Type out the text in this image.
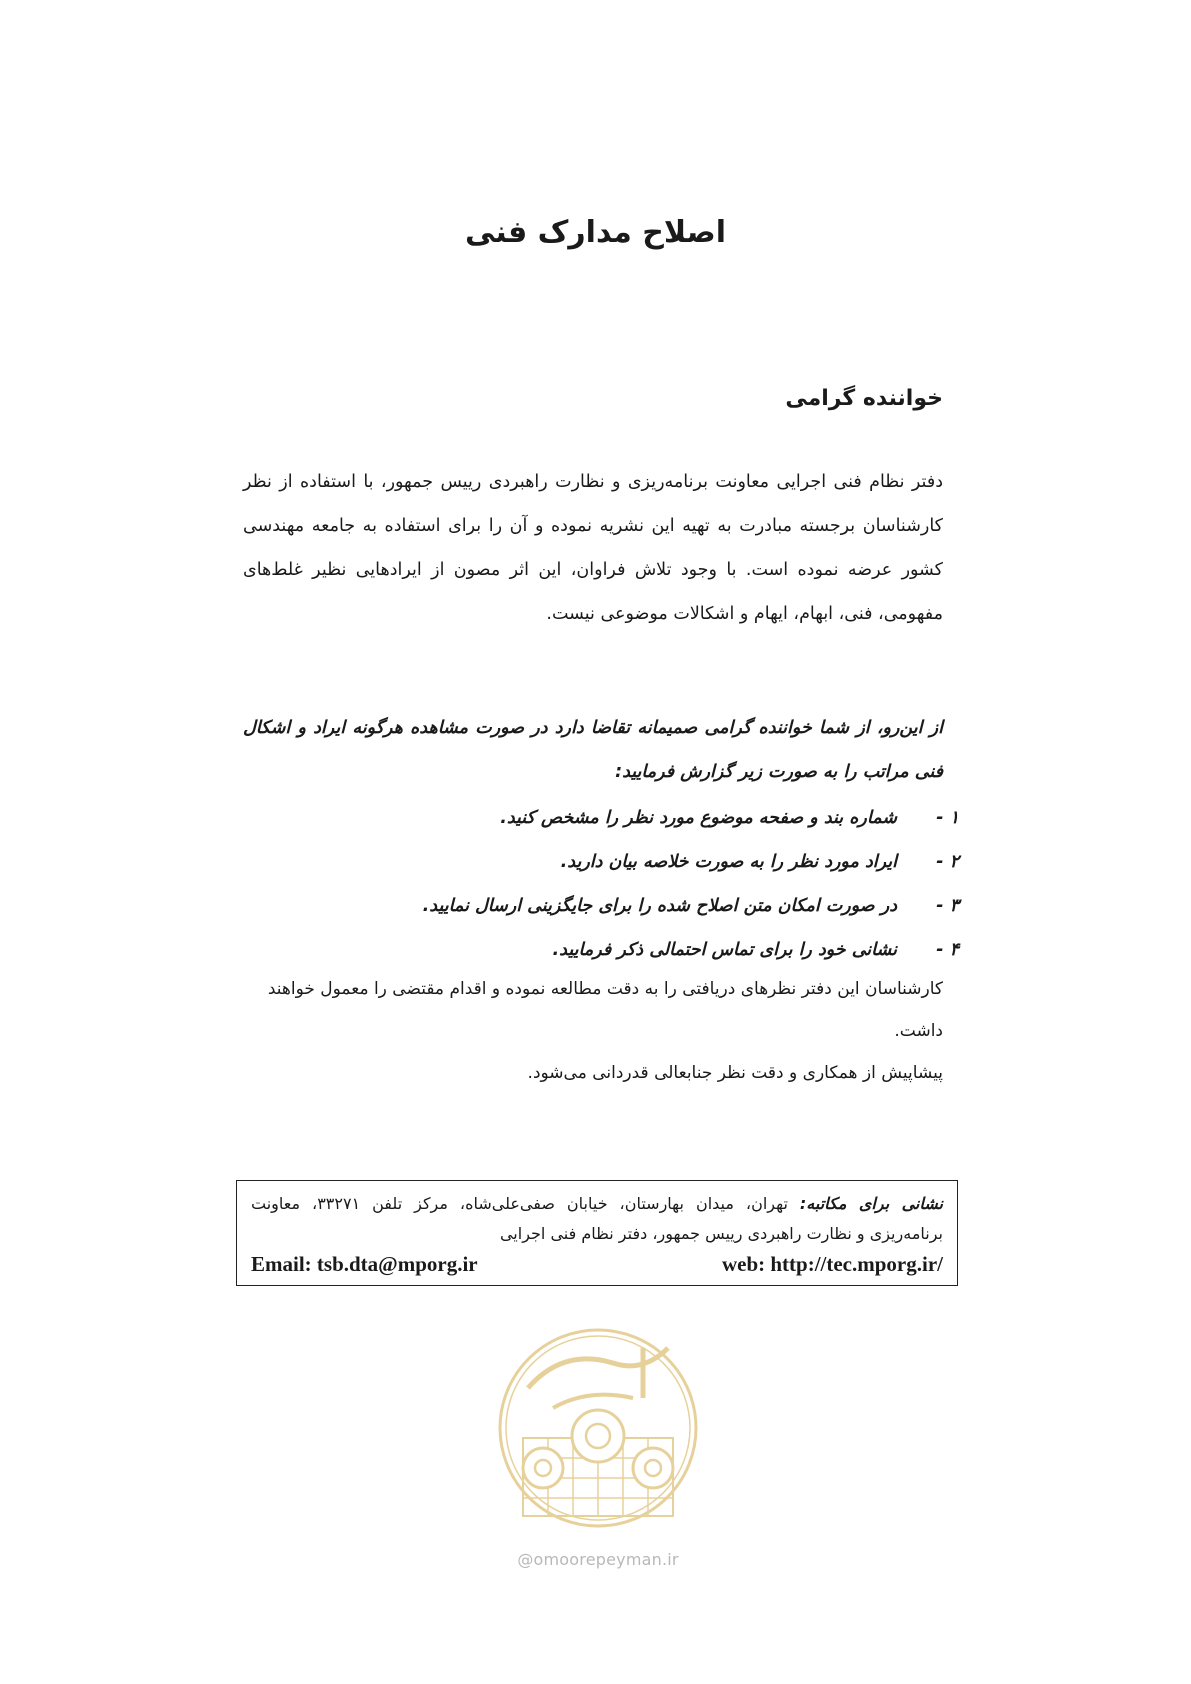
اصلاح مدارک فنی
خواننده گرامی

دفتر نظام فنی اجرایی معاونت برنامه‌ریزی و نظارت راهبردی رییس جمهور، با استفاده از نظر کارشناسان برجسته مبادرت به تهیه این نشریه نموده و آن را برای استفاده به جامعه مهندسی کشور عرضه نموده است. با وجود تلاش فراوان، این اثر مصون از ایرادهایی نظیر غلط‌های مفهومی، فنی، ابهام، ایهام و اشکالات موضوعی نیست.

از این‌رو، از شما خواننده گرامی صمیمانه تقاضا دارد در صورت مشاهده هرگونه ایراد و اشکال فنی مراتب را به صورت زیر گزارش فرمایید:

۱ -شماره بند و صفحه موضوع مورد نظر را مشخص کنید.
۲ -ایراد مورد نظر را به صورت خلاصه بیان دارید.
۳ -در صورت امکان متن اصلاح شده را برای جایگزینی ارسال نمایید.
۴ -نشانی خود را برای تماس احتمالی ذکر فرمایید.

کارشناسان این دفتر نظرهای دریافتی را به دقت مطالعه نموده و اقدام مقتضی را معمول خواهند داشت.

پیشاپیش از همکاری و دقت نظر جنابعالی قدردانی می‌شود.

نشانی برای مکاتبه: تهران، میدان بهارستان، خیابان صفی‌علی‌شاه، مرکز تلفن ۳۳۲۷۱، معاونت برنامه‌ریزی و نظارت راهبردی رییس جمهور، دفتر نظام فنی اجرایی

Email: tsb.dta@mporg.ir	web: http://tec.mporg.ir/
@omoorepeyman.ir
